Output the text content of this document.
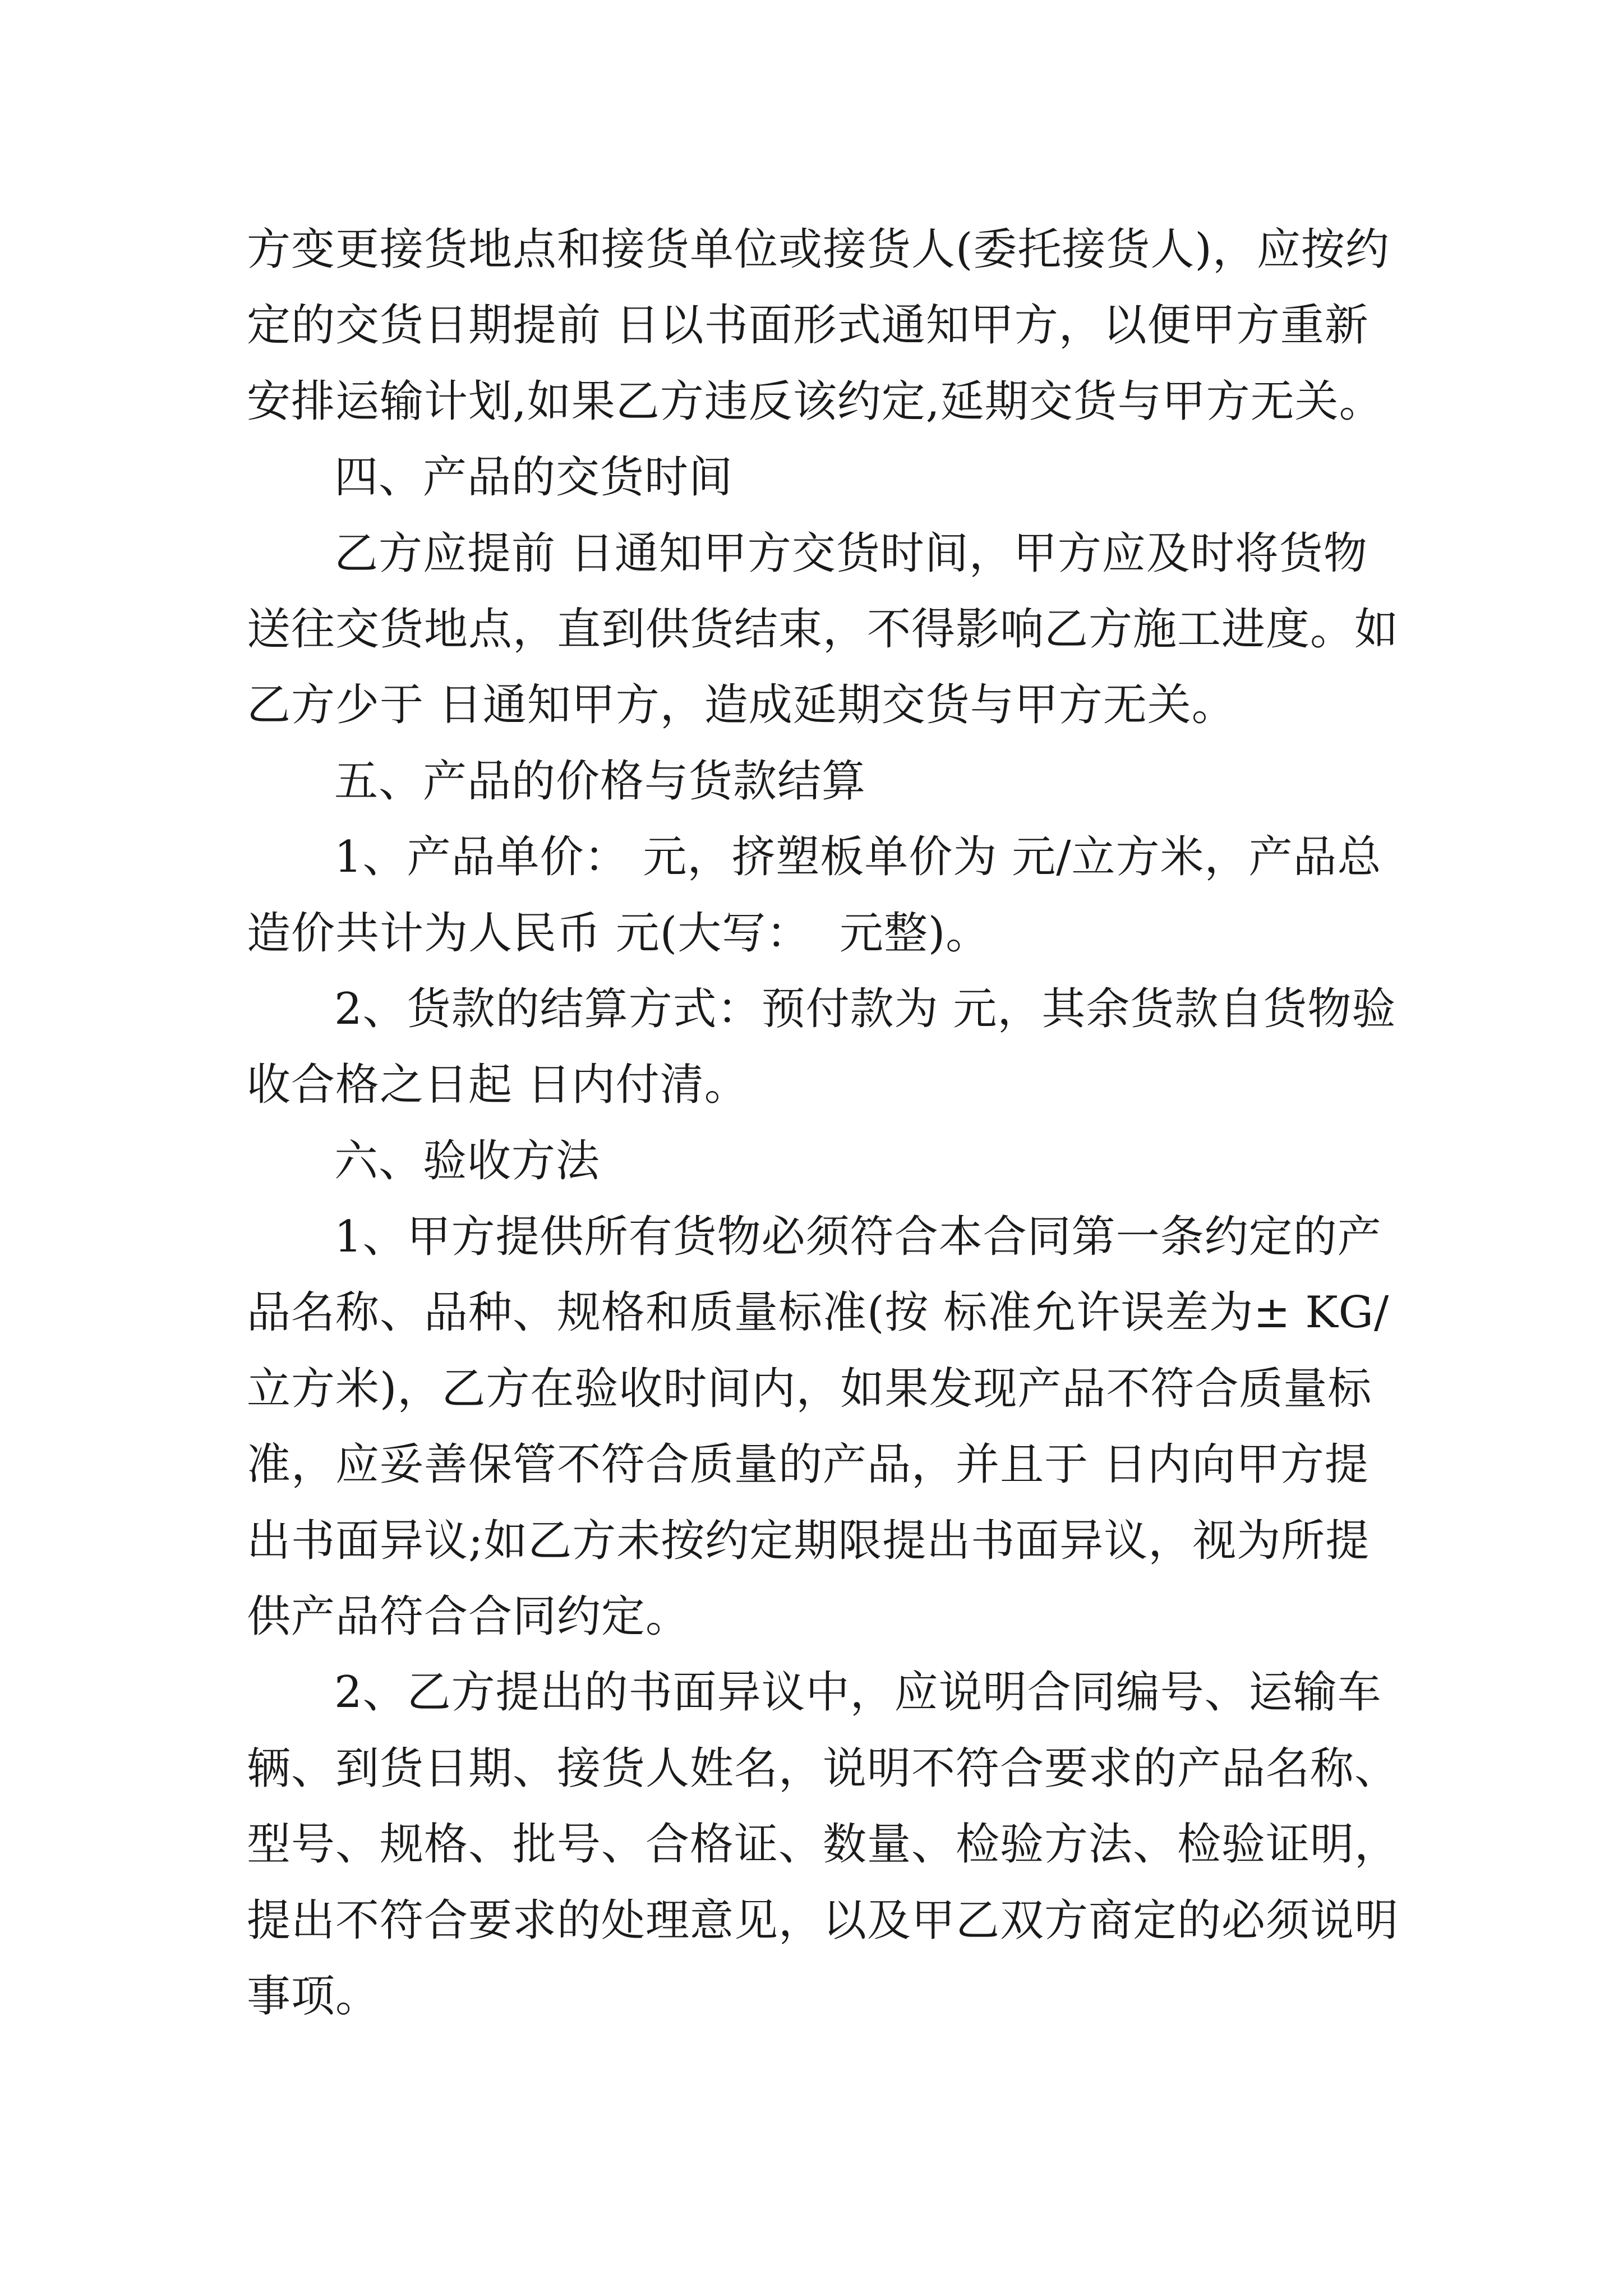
方变更接货地点和接货单位或接货人(委托接货人)，应按约
定的交货日期提前 日以书面形式通知甲方，以便甲方重新
安排运输计划,如果乙方违反该约定,延期交货与甲方无关。
四、产品的交货时间
乙方应提前 日通知甲方交货时间，甲方应及时将货物
送往交货地点，直到供货结束，不得影响乙方施工进度。如
乙方少于 日通知甲方，造成延期交货与甲方无关。
五、产品的价格与货款结算
1、产品单价： 元，挤塑板单价为 元/立方米，产品总
造价共计为人民币 元(大写：  元整)。
2、货款的结算方式：预付款为 元，其余货款自货物验
收合格之日起 日内付清。
六、验收方法
1、甲方提供所有货物必须符合本合同第一条约定的产
品名称、品种、规格和质量标准(按 标准允许误差为± KG/
立方米)，乙方在验收时间内，如果发现产品不符合质量标
准，应妥善保管不符合质量的产品，并且于 日内向甲方提
出书面异议;如乙方未按约定期限提出书面异议，视为所提
供产品符合合同约定。
2、乙方提出的书面异议中，应说明合同编号、运输车
辆、到货日期、接货人姓名，说明不符合要求的产品名称、
型号、规格、批号、合格证、数量、检验方法、检验证明，
提出不符合要求的处理意见，以及甲乙双方商定的必须说明
事项。
